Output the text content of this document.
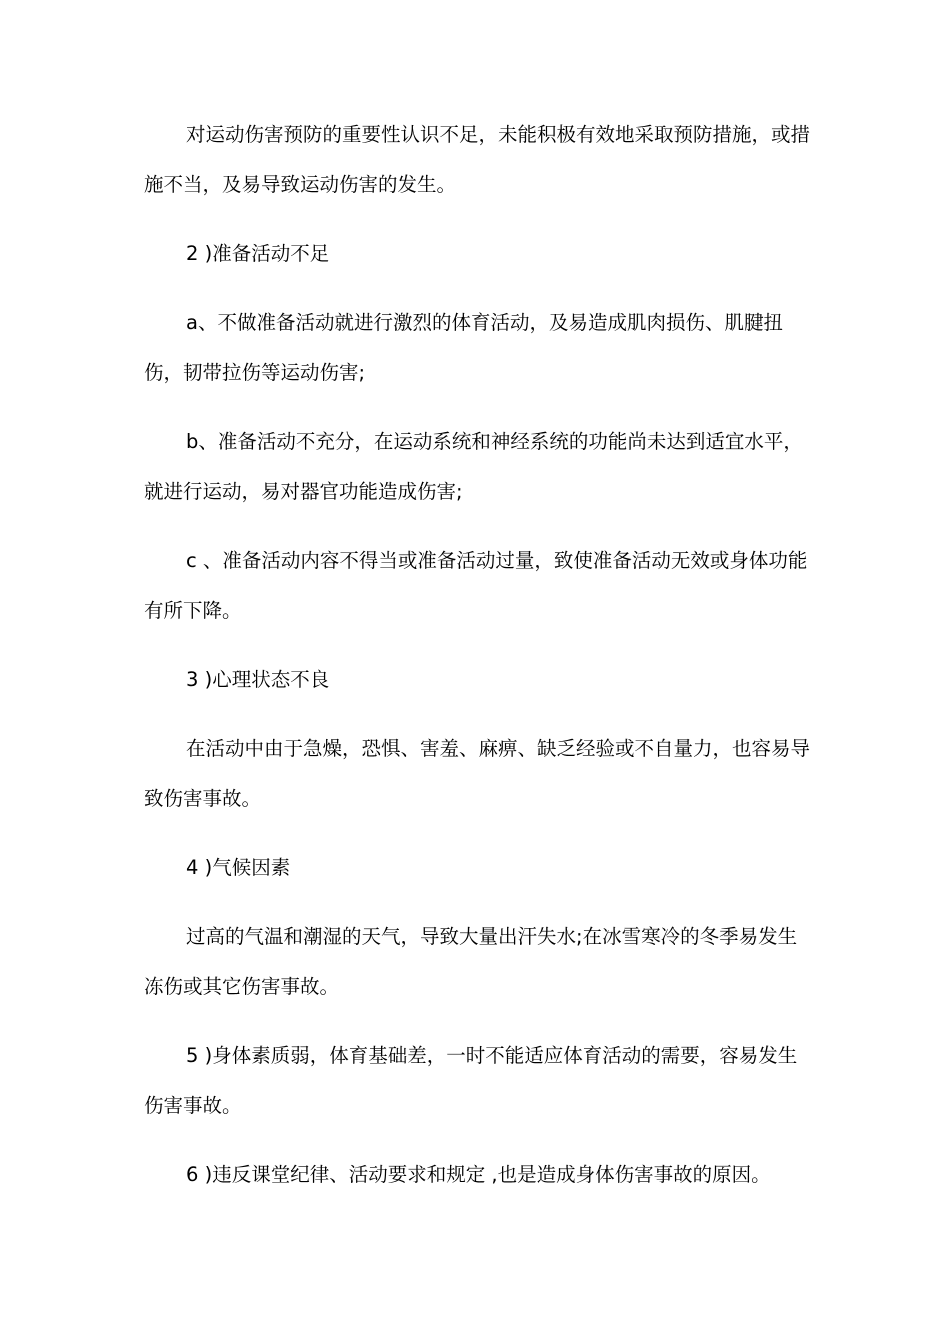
对运动伤害预防的重要性认识不足，未能积极有效地采取预防措施，或措施不当，及易导致运动伤害的发生。

2 )准备活动不足

a、不做准备活动就进行激烈的体育活动，及易造成肌肉损伤、肌腱扭伤，韧带拉伤等运动伤害;

b、准备活动不充分，在运动系统和神经系统的功能尚未达到适宜水平，就进行运动，易对器官功能造成伤害;

c 、准备活动内容不得当或准备活动过量，致使准备活动无效或身体功能有所下降。

3 )心理状态不良

在活动中由于急燥，恐惧、害羞、麻痹、缺乏经验或不自量力，也容易导致伤害事故。

4 )气候因素

过高的气温和潮湿的天气，导致大量出汗失水;在冰雪寒冷的冬季易发生冻伤或其它伤害事故。

5 )身体素质弱，体育基础差，一时不能适应体育活动的需要，容易发生伤害事故。

6 )违反课堂纪律、活动要求和规定 ,也是造成身体伤害事故的原因。
